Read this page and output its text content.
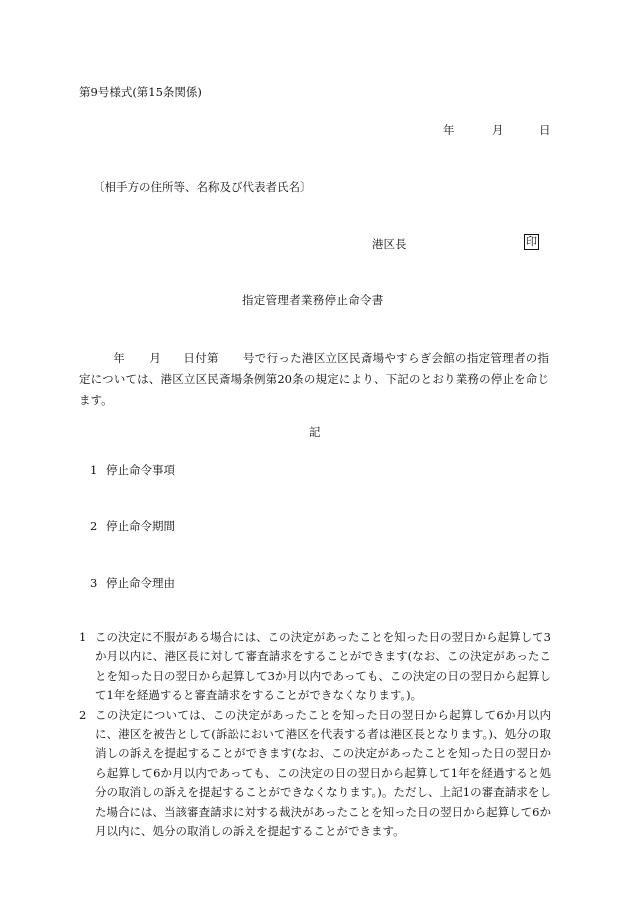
第9号様式(第15条関係)
年	月	日
〔相手方の住所等、名称及び代表者氏名〕
港区長	印
指定管理者業務停止命令書
年 月 日付第 号で行った港区立区民斎場やすらぎ会館の指定管理者の指定については、港区立区民斎場条例第20条の規定により、下記のとおり業務の停止を命じます。
記
1 停止命令事項
2 停止命令期間
3 停止命令理由
1 この決定に不服がある場合には、この決定があったことを知った日の翌日から起算して3か月以内に、港区長に対して審査請求をすることができます(なお、この決定があったことを知った日の翌日から起算して3か月以内であっても、この決定の日の翌日から起算して1年を経過すると審査請求をすることができなくなります。)。
2 この決定については、この決定があったことを知った日の翌日から起算して6か月以内に、港区を被告として(訴訟において港区を代表する者は港区長となります。)、処分の取消しの訴えを提起することができます(なお、この決定があったことを知った日の翌日から起算して6か月以内であっても、この決定の日の翌日から起算して1年を経過すると処分の取消しの訴えを提起することができなくなります。)。ただし、上記1の審査請求をした場合には、当該審査請求に対する裁決があったことを知った日の翌日から起算して6か月以内に、処分の取消しの訴えを提起することができます。
